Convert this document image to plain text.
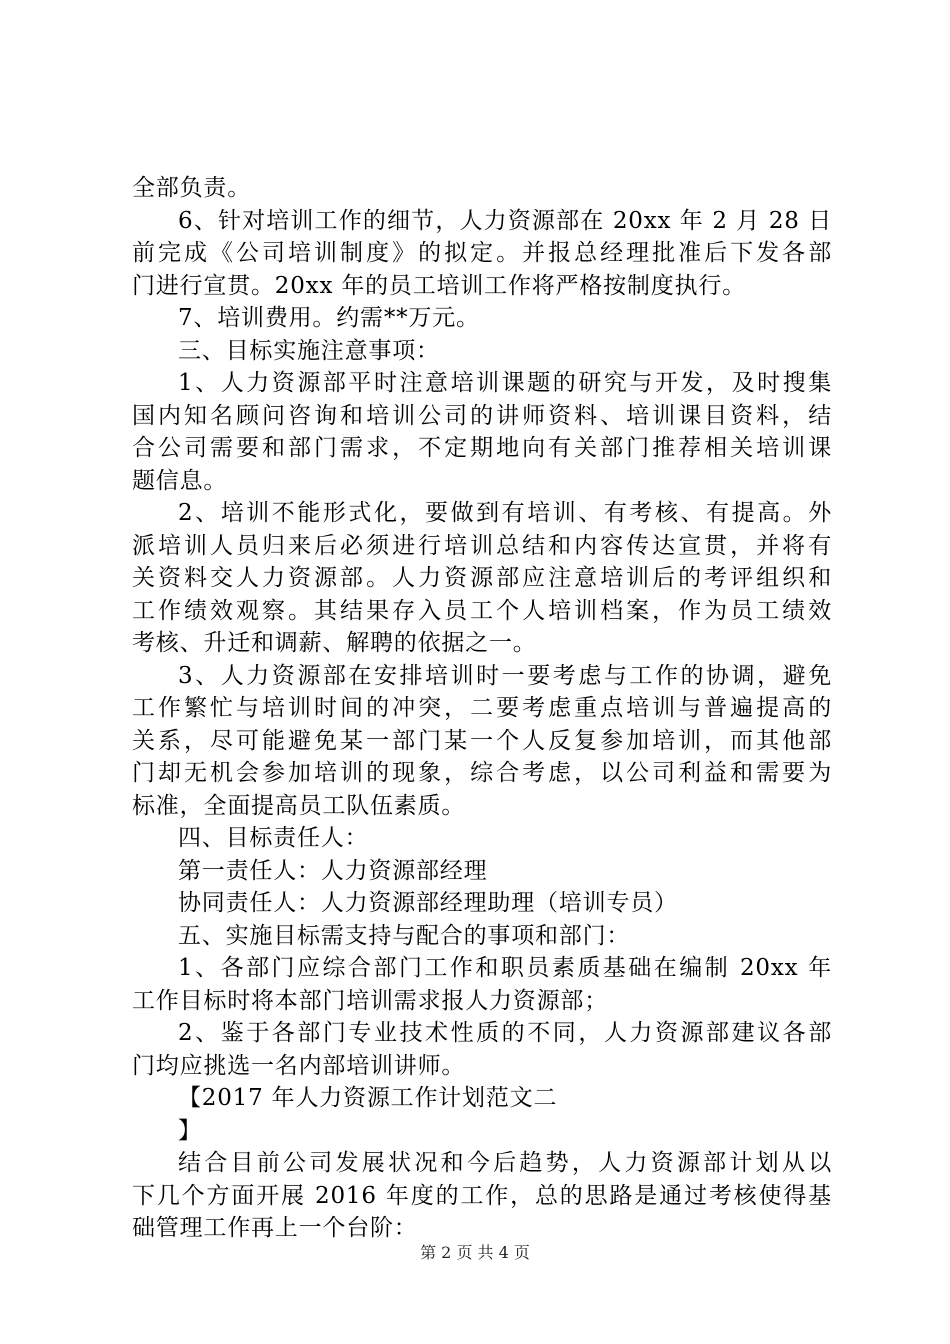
全部负责。
6、针对培训工作的细节，人力资源部在 20xx 年 2 月 28 日
前完成《公司培训制度》的拟定。并报总经理批准后下发各部
门进行宣贯。20xx 年的员工培训工作将严格按制度执行。
7、培训费用。约需**万元。
三、目标实施注意事项：
1、人力资源部平时注意培训课题的研究与开发，及时搜集
国内知名顾问咨询和培训公司的讲师资料、培训课目资料，结
合公司需要和部门需求，不定期地向有关部门推荐相关培训课
题信息。
2、培训不能形式化，要做到有培训、有考核、有提高。外
派培训人员归来后必须进行培训总结和内容传达宣贯，并将有
关资料交人力资源部。人力资源部应注意培训后的考评组织和
工作绩效观察。其结果存入员工个人培训档案，作为员工绩效
考核、升迁和调薪、解聘的依据之一。
3、人力资源部在安排培训时一要考虑与工作的协调，避免
工作繁忙与培训时间的冲突，二要考虑重点培训与普遍提高的
关系，尽可能避免某一部门某一个人反复参加培训，而其他部
门却无机会参加培训的现象，综合考虑，以公司利益和需要为
标准，全面提高员工队伍素质。
四、目标责任人：
第一责任人：人力资源部经理
协同责任人：人力资源部经理助理（培训专员）
五、实施目标需支持与配合的事项和部门：
1、各部门应综合部门工作和职员素质基础在编制 20xx 年
工作目标时将本部门培训需求报人力资源部；
2、鉴于各部门专业技术性质的不同，人力资源部建议各部
门均应挑选一名内部培训讲师。
【2017 年人力资源工作计划范文二
】
结合目前公司发展状况和今后趋势，人力资源部计划从以
下几个方面开展 2016 年度的工作，总的思路是通过考核使得基
础管理工作再上一个台阶：
第 2 页 共 4 页
